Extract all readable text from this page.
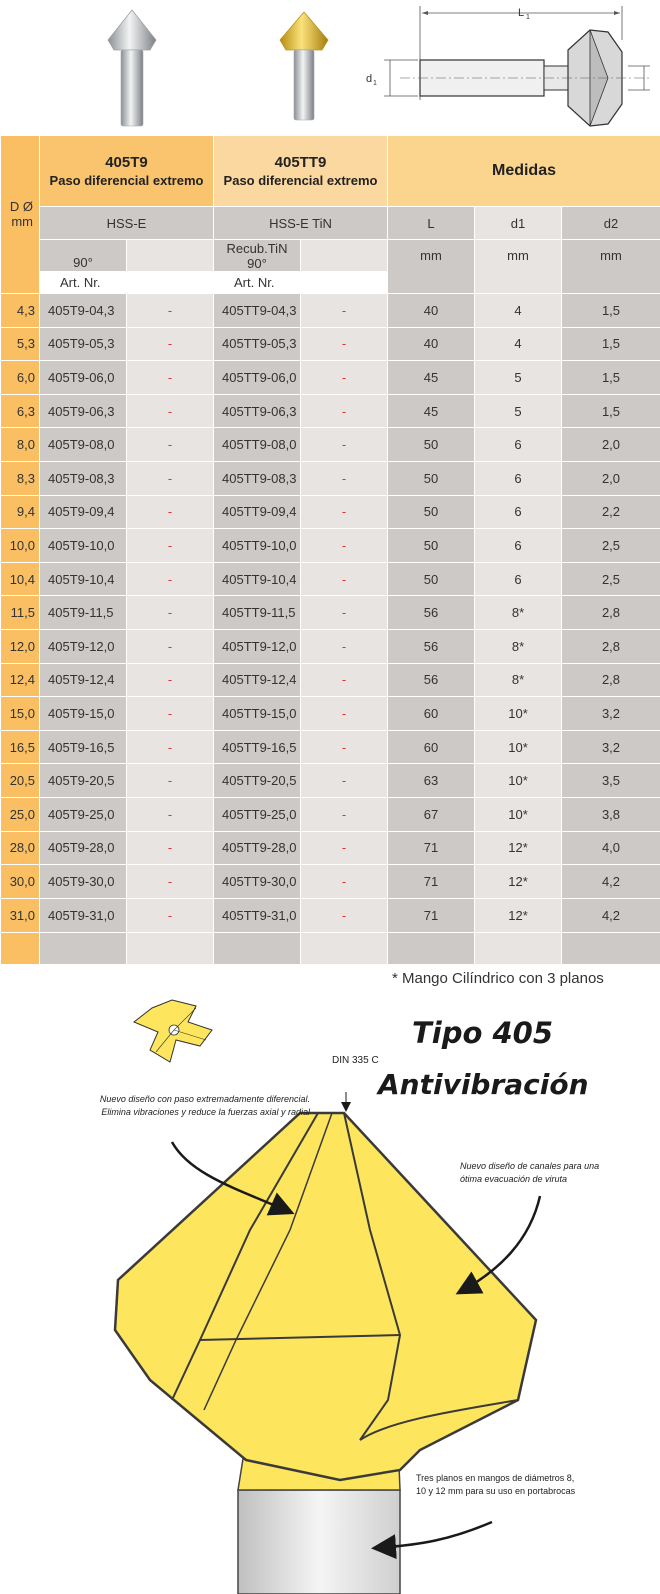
L 1
d 1
D Ø
mm	405T9
Paso diferencial extremo		405TT9
Paso diferencial extremo		Medidas		
	HSS-E		HSS-E TiN		L	d1	d2
	90°		Recub.TiN
90°		mm	mm	mm
	Art. Nr.		Art. Nr.				
4,3	405T9-04,3	-	405TT9-04,3	-	40	4	1,5
5,3	405T9-05,3	-	405TT9-05,3	-	40	4	1,5
6,0	405T9-06,0	-	405TT9-06,0	-	45	5	1,5
6,3	405T9-06,3	-	405TT9-06,3	-	45	5	1,5
8,0	405T9-08,0	-	405TT9-08,0	-	50	6	2,0
8,3	405T9-08,3	-	405TT9-08,3	-	50	6	2,0
9,4	405T9-09,4	-	405TT9-09,4	-	50	6	2,2
10,0	405T9-10,0	-	405TT9-10,0	-	50	6	2,5
10,4	405T9-10,4	-	405TT9-10,4	-	50	6	2,5
11,5	405T9-11,5	-	405TT9-11,5	-	56	8*	2,8
12,0	405T9-12,0	-	405TT9-12,0	-	56	8*	2,8
12,4	405T9-12,4	-	405TT9-12,4	-	56	8*	2,8
15,0	405T9-15,0	-	405TT9-15,0	-	60	10*	3,2
16,5	405T9-16,5	-	405TT9-16,5	-	60	10*	3,2
20,5	405T9-20,5	-	405TT9-20,5	-	63	10*	3,5
25,0	405T9-25,0	-	405TT9-25,0	-	67	10*	3,8
28,0	405T9-28,0	-	405TT9-28,0	-	71	12*	4,0
30,0	405T9-30,0	-	405TT9-30,0	-	71	12*	4,2
31,0	405T9-31,0	-	405TT9-31,0	-	71	12*	4,2

* Mango Cilíndrico con 3 planos
Tipo 405
Antivibración
DIN 335 C
Nuevo diseño con paso extremadamente diferencial. Elimina vibraciones y reduce la fuerzas axial y radial
Nuevo diseño de canales para una ótima evacuación de viruta
Tres planos en mangos de diámetros 8, 10 y 12 mm para su uso en portabrocas
